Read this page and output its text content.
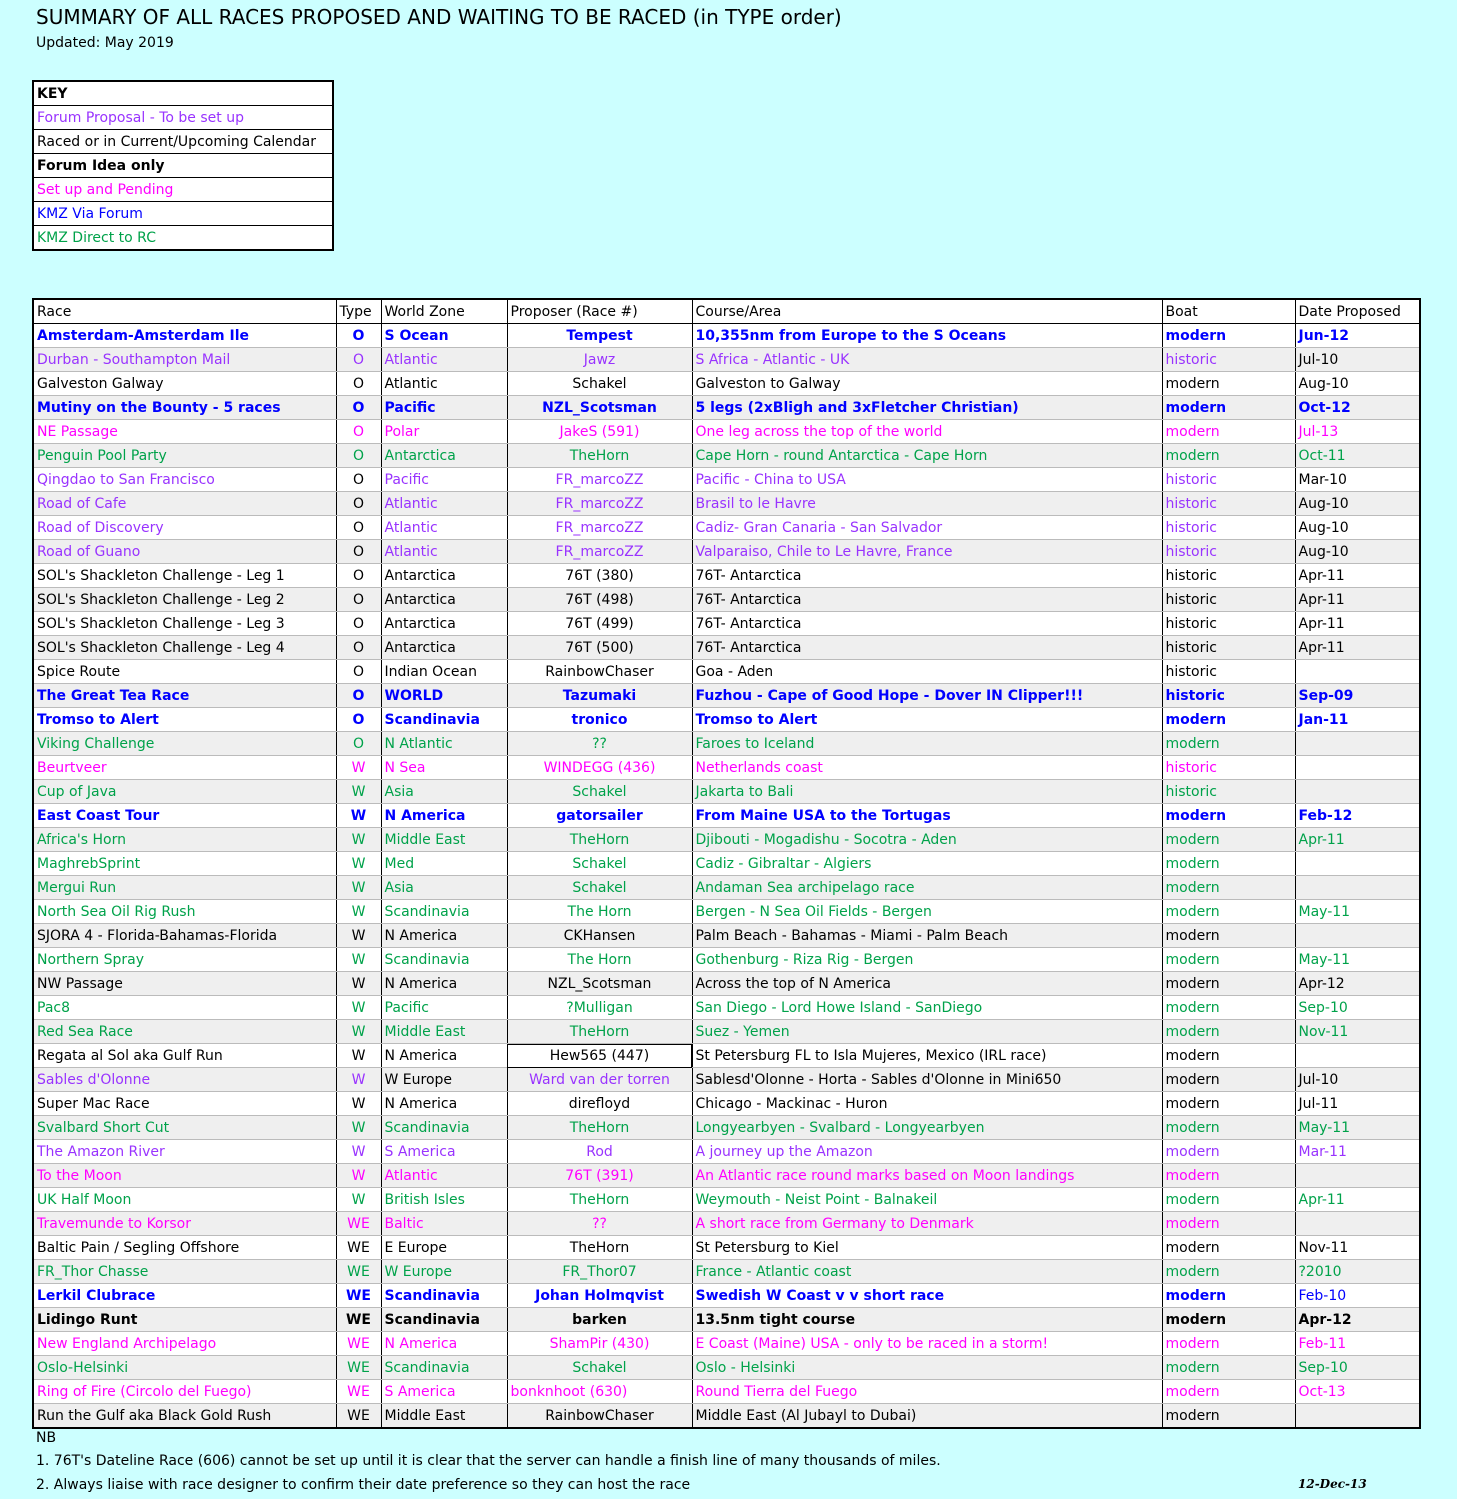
SUMMARY OF ALL RACES PROPOSED AND WAITING TO BE RACED (in TYPE order)
Updated: May 2019
KEY
Forum Proposal - To be set up
Raced or in Current/Upcoming Calendar
Forum Idea only
Set up and Pending
KMZ Via Forum
KMZ Direct to RC
Race	Type	World Zone	Proposer (Race #)	Course/Area	Boat	Date Proposed
Amsterdam-Amsterdam Ile	O	S Ocean	Tempest	10,355nm from Europe to the S Oceans	modern	Jun-12
Durban - Southampton Mail	O	Atlantic	Jawz	S Africa - Atlantic - UK	historic	Jul-10
Galveston Galway	O	Atlantic	Schakel	Galveston to Galway	modern	Aug-10
Mutiny on the Bounty - 5 races	O	Pacific	NZL_Scotsman	5 legs (2xBligh and 3xFletcher Christian)	modern	Oct-12
NE Passage	O	Polar	JakeS (591)	One leg across the top of the world	modern	Jul-13
Penguin Pool Party	O	Antarctica	TheHorn	Cape Horn - round Antarctica - Cape Horn	modern	Oct-11
Qingdao to San Francisco	O	Pacific	FR_marcoZZ	Pacific - China to USA	historic	Mar-10
Road of Cafe	O	Atlantic	FR_marcoZZ	Brasil to le Havre	historic	Aug-10
Road of Discovery	O	Atlantic	FR_marcoZZ	Cadiz- Gran Canaria - San Salvador	historic	Aug-10
Road of Guano	O	Atlantic	FR_marcoZZ	Valparaiso, Chile to Le Havre, France	historic	Aug-10
SOL's Shackleton Challenge - Leg 1	O	Antarctica	76T (380)	76T- Antarctica	historic	Apr-11
SOL's Shackleton Challenge - Leg 2	O	Antarctica	76T (498)	76T- Antarctica	historic	Apr-11
SOL's Shackleton Challenge - Leg 3	O	Antarctica	76T (499)	76T- Antarctica	historic	Apr-11
SOL's Shackleton Challenge - Leg 4	O	Antarctica	76T (500)	76T- Antarctica	historic	Apr-11
Spice Route	O	Indian Ocean	RainbowChaser	Goa - Aden	historic	
The Great Tea Race	O	WORLD	Tazumaki	Fuzhou - Cape of Good Hope - Dover IN Clipper!!!	historic	Sep-09
Tromso to Alert	O	Scandinavia	tronico	Tromso to Alert	modern	Jan-11
Viking Challenge	O	N Atlantic	??	Faroes to Iceland	modern	
Beurtveer	W	N Sea	WINDEGG (436)	Netherlands coast	historic	
Cup of Java	W	Asia	Schakel	Jakarta to Bali	historic	
East Coast Tour	W	N America	gatorsailer	From Maine USA to the Tortugas	modern	Feb-12
Africa's Horn	W	Middle East	TheHorn	Djibouti - Mogadishu - Socotra - Aden	modern	Apr-11
MaghrebSprint	W	Med	Schakel	Cadiz - Gibraltar - Algiers	modern	
Mergui Run	W	Asia	Schakel	Andaman Sea archipelago race	modern	
North Sea Oil Rig Rush	W	Scandinavia	The Horn	Bergen - N Sea Oil Fields - Bergen	modern	May-11
SJORA 4 - Florida-Bahamas-Florida	W	N America	CKHansen	Palm Beach - Bahamas - Miami - Palm Beach	modern	
Northern Spray	W	Scandinavia	The Horn	Gothenburg - Riza Rig - Bergen	modern	May-11
NW Passage	W	N America	NZL_Scotsman	Across the top of N America	modern	Apr-12
Pac8	W	Pacific	?Mulligan	San Diego - Lord Howe Island - SanDiego	modern	Sep-10
Red Sea Race	W	Middle East	TheHorn	Suez - Yemen	modern	Nov-11
Regata al Sol aka Gulf Run	W	N America	Hew565 (447)	St Petersburg FL to Isla Mujeres, Mexico (IRL race)	modern	
Sables d'Olonne	W	W Europe	Ward van der torren	Sablesd'Olonne - Horta - Sables d'Olonne in Mini650	modern	Jul-10
Super Mac Race	W	N America	direfloyd	Chicago - Mackinac - Huron	modern	Jul-11
Svalbard Short Cut	W	Scandinavia	TheHorn	Longyearbyen - Svalbard - Longyearbyen	modern	May-11
The Amazon River	W	S America	Rod	A journey up the Amazon	modern	Mar-11
To the Moon	W	Atlantic	76T (391)	An Atlantic race round marks based on Moon landings	modern	
UK Half Moon	W	British Isles	TheHorn	Weymouth - Neist Point - Balnakeil	modern	Apr-11
Travemunde to Korsor	WE	Baltic	??	A short race from Germany to Denmark	modern	
Baltic Pain / Segling Offshore	WE	E Europe	TheHorn	St Petersburg to Kiel	modern	Nov-11
FR_Thor Chasse	WE	W Europe	FR_Thor07	France - Atlantic coast	modern	?2010
Lerkil Clubrace	WE	Scandinavia	Johan Holmqvist	Swedish W Coast v v short race	modern	Feb-10
Lidingo Runt	WE	Scandinavia	barken	13.5nm tight course	modern	Apr-12
New England Archipelago	WE	N America	ShamPir (430)	E Coast (Maine) USA - only to be raced in a storm!	modern	Feb-11
Oslo-Helsinki	WE	Scandinavia	Schakel	Oslo - Helsinki	modern	Sep-10
Ring of Fire (Circolo del Fuego)	WE	S America	bonknhoot (630)	Round Tierra del Fuego	modern	Oct-13
Run the Gulf aka Black Gold Rush	WE	Middle East	RainbowChaser	Middle East (Al Jubayl to Dubai)	modern	
NB
1. 76T's Dateline Race (606) cannot be set up until it is clear that the server can handle a finish line of many thousands of miles.
2. Always liaise with race designer to confirm their date preference so they can host the race	12-Dec-13
